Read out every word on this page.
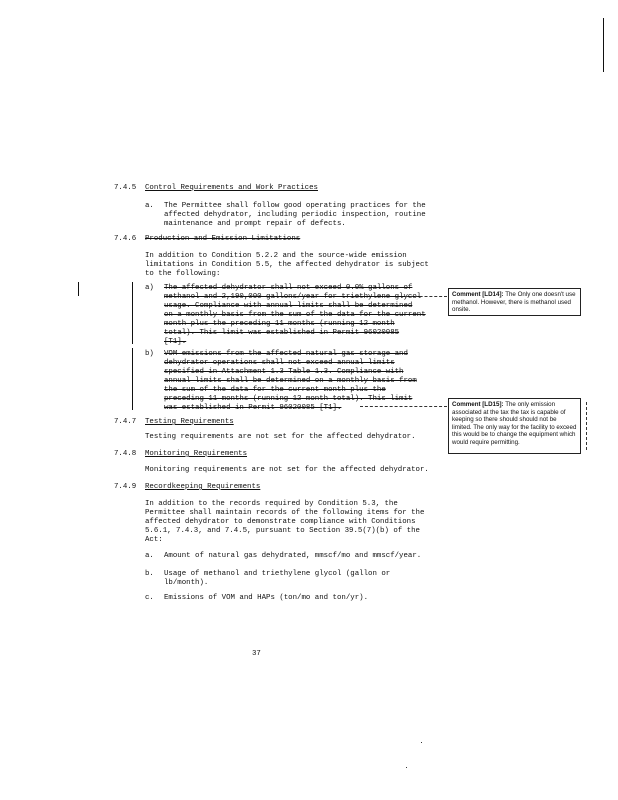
7.4.5 Control Requirements and Work Practices
a. The Permittee shall follow good operating practices for the
affected dehydrator, including periodic inspection, routine
maintenance and prompt repair of defects.
7.4.6 Production and Emission Limitations
In addition to Condition 5.2.2 and the source-wide emission
limitations in Condition 5.5, the affected dehydrator is subject
to the following:
a) The affected dehydrator shall not exceed 0.0% gallons of
methanol and 2,190,000 gallons/year for triethylene glycol
usage. Compliance with annual limits shall be determined
on a monthly basis from the sum of the data for the current
month plus the preceding 11 months (running 12 month
total). This limit was established in Permit 96020085
[T1].
Comment [LD14]: The Only one doesn't use methanol. However, there is methanol used onsite.
b) VOM emissions from the affected natural gas storage and
dehydrator operations shall not exceed annual limits
specified in Attachment 1.3 Table 1.3. Compliance with
annual limits shall be determined on a monthly basis from
the sum of the data for the current month plus the
preceding 11 months (running 12 month total). This limit
was established in Permit 96020085 [T1].	Comment [LD15]: The only emission associated at the tax the tax is capable of keeping so there should should not be limited. The only way for the facility to exceed this would be to change the equipment which would require permitting.
7.4.7 Testing Requirements
Testing requirements are not set for the affected dehydrator.
7.4.8 Monitoring Requirements
Monitoring requirements are not set for the affected dehydrator.
7.4.9 Recordkeeping Requirements
In addition to the records required by Condition 5.3, the
Permittee shall maintain records of the following items for the
affected dehydrator to demonstrate compliance with Conditions
5.6.1, 7.4.3, and 7.4.5, pursuant to Section 39.5(7)(b) of the
Act:
a. Amount of natural gas dehydrated, mmscf/mo and mmscf/year.
b. Usage of methanol and triethylene glycol (gallon or
lb/month).
c. Emissions of VOM and HAPs (ton/mo and ton/yr).
37
